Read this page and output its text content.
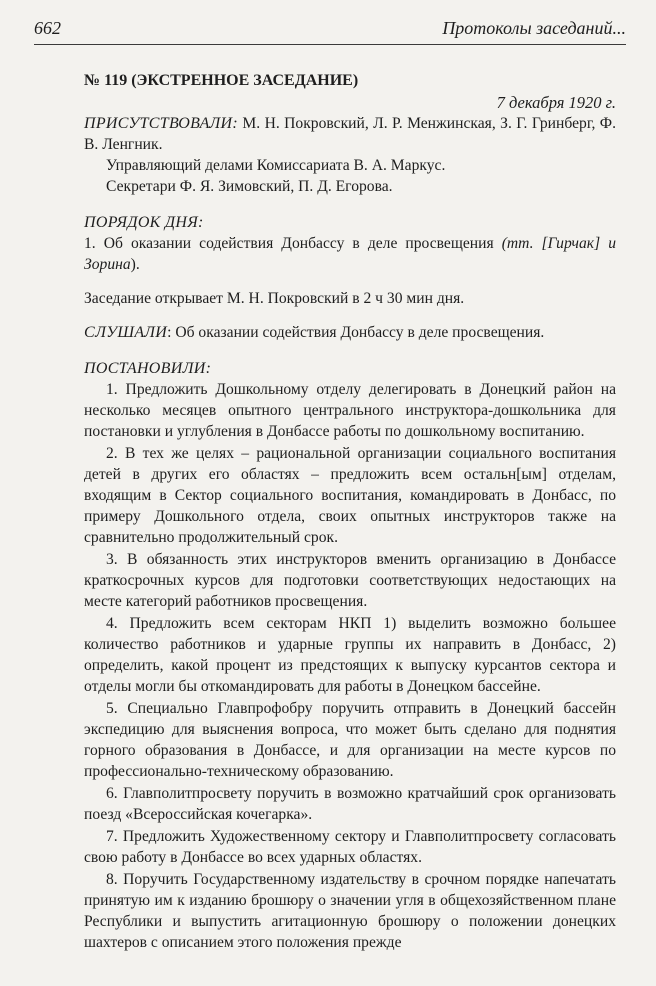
662	Протоколы заседаний...

№ 119 (ЭКСТРЕННОЕ ЗАСЕДАНИЕ)

7 декабря 1920 г.

ПРИСУТСТВОВАЛИ: М. Н. Покровский, Л. Р. Менжинская, З. Г. Гринберг, Ф. В. Ленгник.

Управляющий делами Комиссариата В. А. Маркус.

Секретари Ф. Я. Зимовский, П. Д. Егорова.

ПОРЯДОК ДНЯ:

1. Об оказании содействия Донбассу в деле просвещения (тт. [Гирчак] и Зорина).

Заседание открывает М. Н. Покровский в 2 ч 30 мин дня.

СЛУШАЛИ: Об оказании содействия Донбассу в деле просвещения.

ПОСТАНОВИЛИ:

1. Предложить Дошкольному отделу делегировать в Донецкий район на несколько месяцев опытного центрального инструктора-дошкольника для постановки и углубления в Донбассе работы по дошкольному воспитанию.

2. В тех же целях – рациональной организации социального воспитания детей в других его областях – предложить всем остальн[ым] отделам, входящим в Сектор социального воспитания, командировать в Донбасс, по примеру Дошкольного отдела, своих опытных инструкторов также на сравнительно продолжительный срок.

3. В обязанность этих инструкторов вменить организацию в Донбассе краткосрочных курсов для подготовки соответствующих недостающих на месте категорий работников просвещения.

4. Предложить всем секторам НКП 1) выделить возможно большее количество работников и ударные группы их направить в Донбасс, 2) определить, какой процент из предстоящих к выпуску курсантов сектора и отделы могли бы откомандировать для работы в Донецком бассейне.

5. Специально Главпрофобру поручить отправить в Донецкий бассейн экспедицию для выяснения вопроса, что может быть сделано для поднятия горного образования в Донбассе, и для организации на месте курсов по профессионально-техническому образованию.

6. Главполитпросвету поручить в возможно кратчайший срок организовать поезд «Всероссийская кочегарка».

7. Предложить Художественному сектору и Главполитпросвету согласовать свою работу в Донбассе во всех ударных областях.

8. Поручить Государственному издательству в срочном порядке напечатать принятую им к изданию брошюру о значении угля в общехозяйственном плане Республики и выпустить агитационную брошюру о положении донецких шахтеров с описанием этого положения прежде
